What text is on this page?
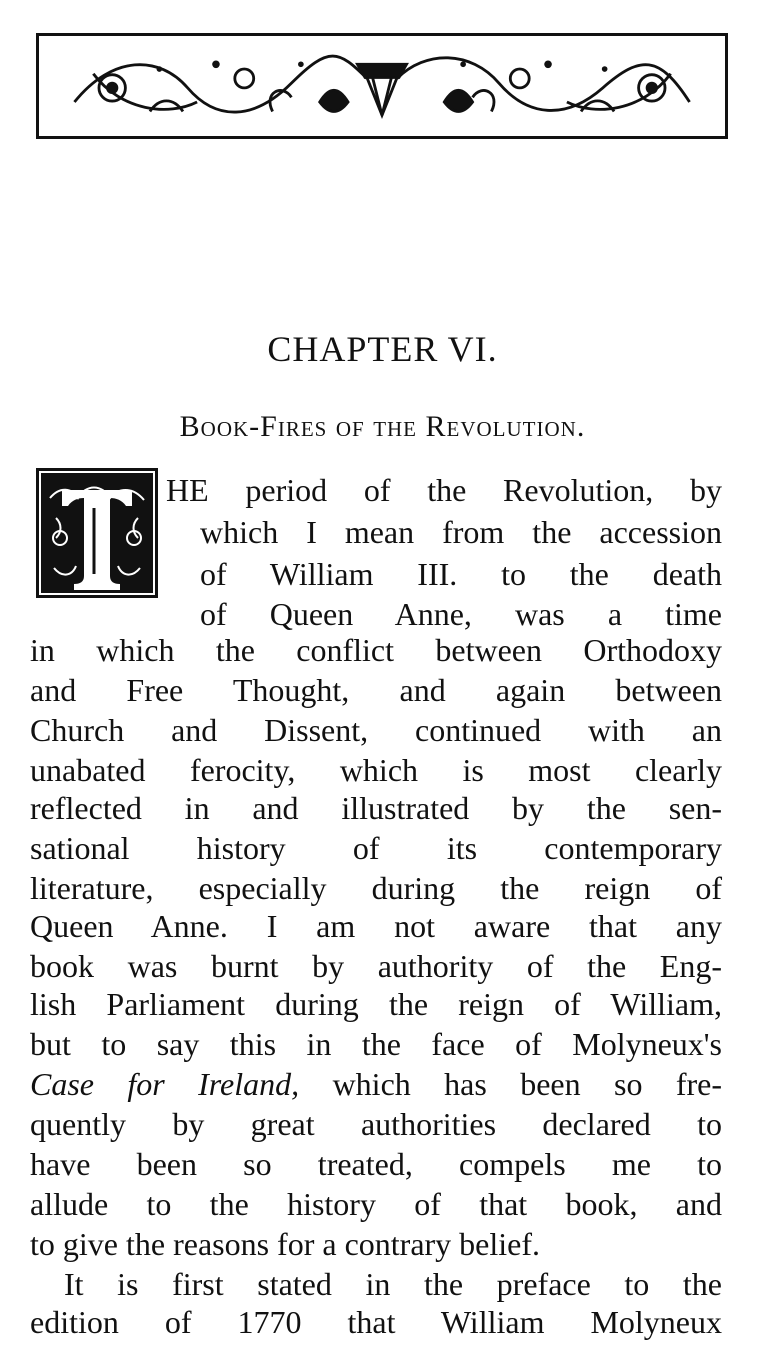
CHAPTER VI.
Book-Fires of the Revolution.
HE period of the Revolution, by
which I mean from the accession
of William III. to the death
of Queen Anne, was a time
in which the conflict between Orthodoxy
and Free Thought, and again between
Church and Dissent, continued with an
unabated ferocity, which is most clearly
reflected in and illustrated by the sen-
sational history of its contemporary
literature, especially during the reign of
Queen Anne. I am not aware that any
book was burnt by authority of the Eng-
lish Parliament during the reign of William,
but to say this in the face of Molyneux's
Case for Ireland, which has been so fre-
quently by great authorities declared to
have been so treated, compels me to
allude to the history of that book, and
to give the reasons for a contrary belief.
It is first stated in the preface to the
edition of 1770 that William Molyneux
